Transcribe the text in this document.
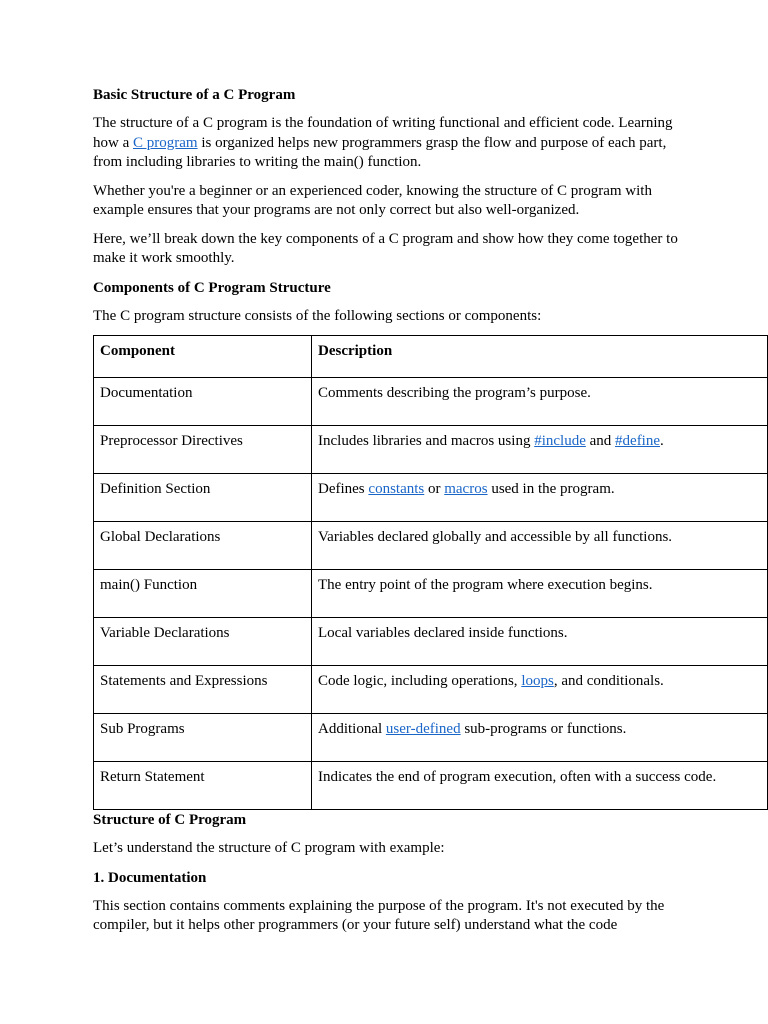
Basic Structure of a C Program

The structure of a C program is the foundation of writing functional and efficient code. Learning how a C program is organized helps new programmers grasp the flow and purpose of each part, from including libraries to writing the main() function.

Whether you're a beginner or an experienced coder, knowing the structure of C program with example ensures that your programs are not only correct but also well-organized.

Here, we’ll break down the key components of a C program and show how they come together to make it work smoothly.

Components of C Program Structure

The C program structure consists of the following sections or components:

Component	Description
Documentation	Comments describing the program’s purpose.
Preprocessor Directives	Includes libraries and macros using #include and #define.
Definition Section	Defines constants or macros used in the program.
Global Declarations	Variables declared globally and accessible by all functions.
main() Function	The entry point of the program where execution begins.
Variable Declarations	Local variables declared inside functions.
Statements and Expressions	Code logic, including operations, loops, and conditionals.
Sub Programs	Additional user-defined sub-programs or functions.
Return Statement	Indicates the end of program execution, often with a success code.
Structure of C Program

Let’s understand the structure of C program with example:

1. Documentation

This section contains comments explaining the purpose of the program. It's not executed by the compiler, but it helps other programmers (or your future self) understand what the code
